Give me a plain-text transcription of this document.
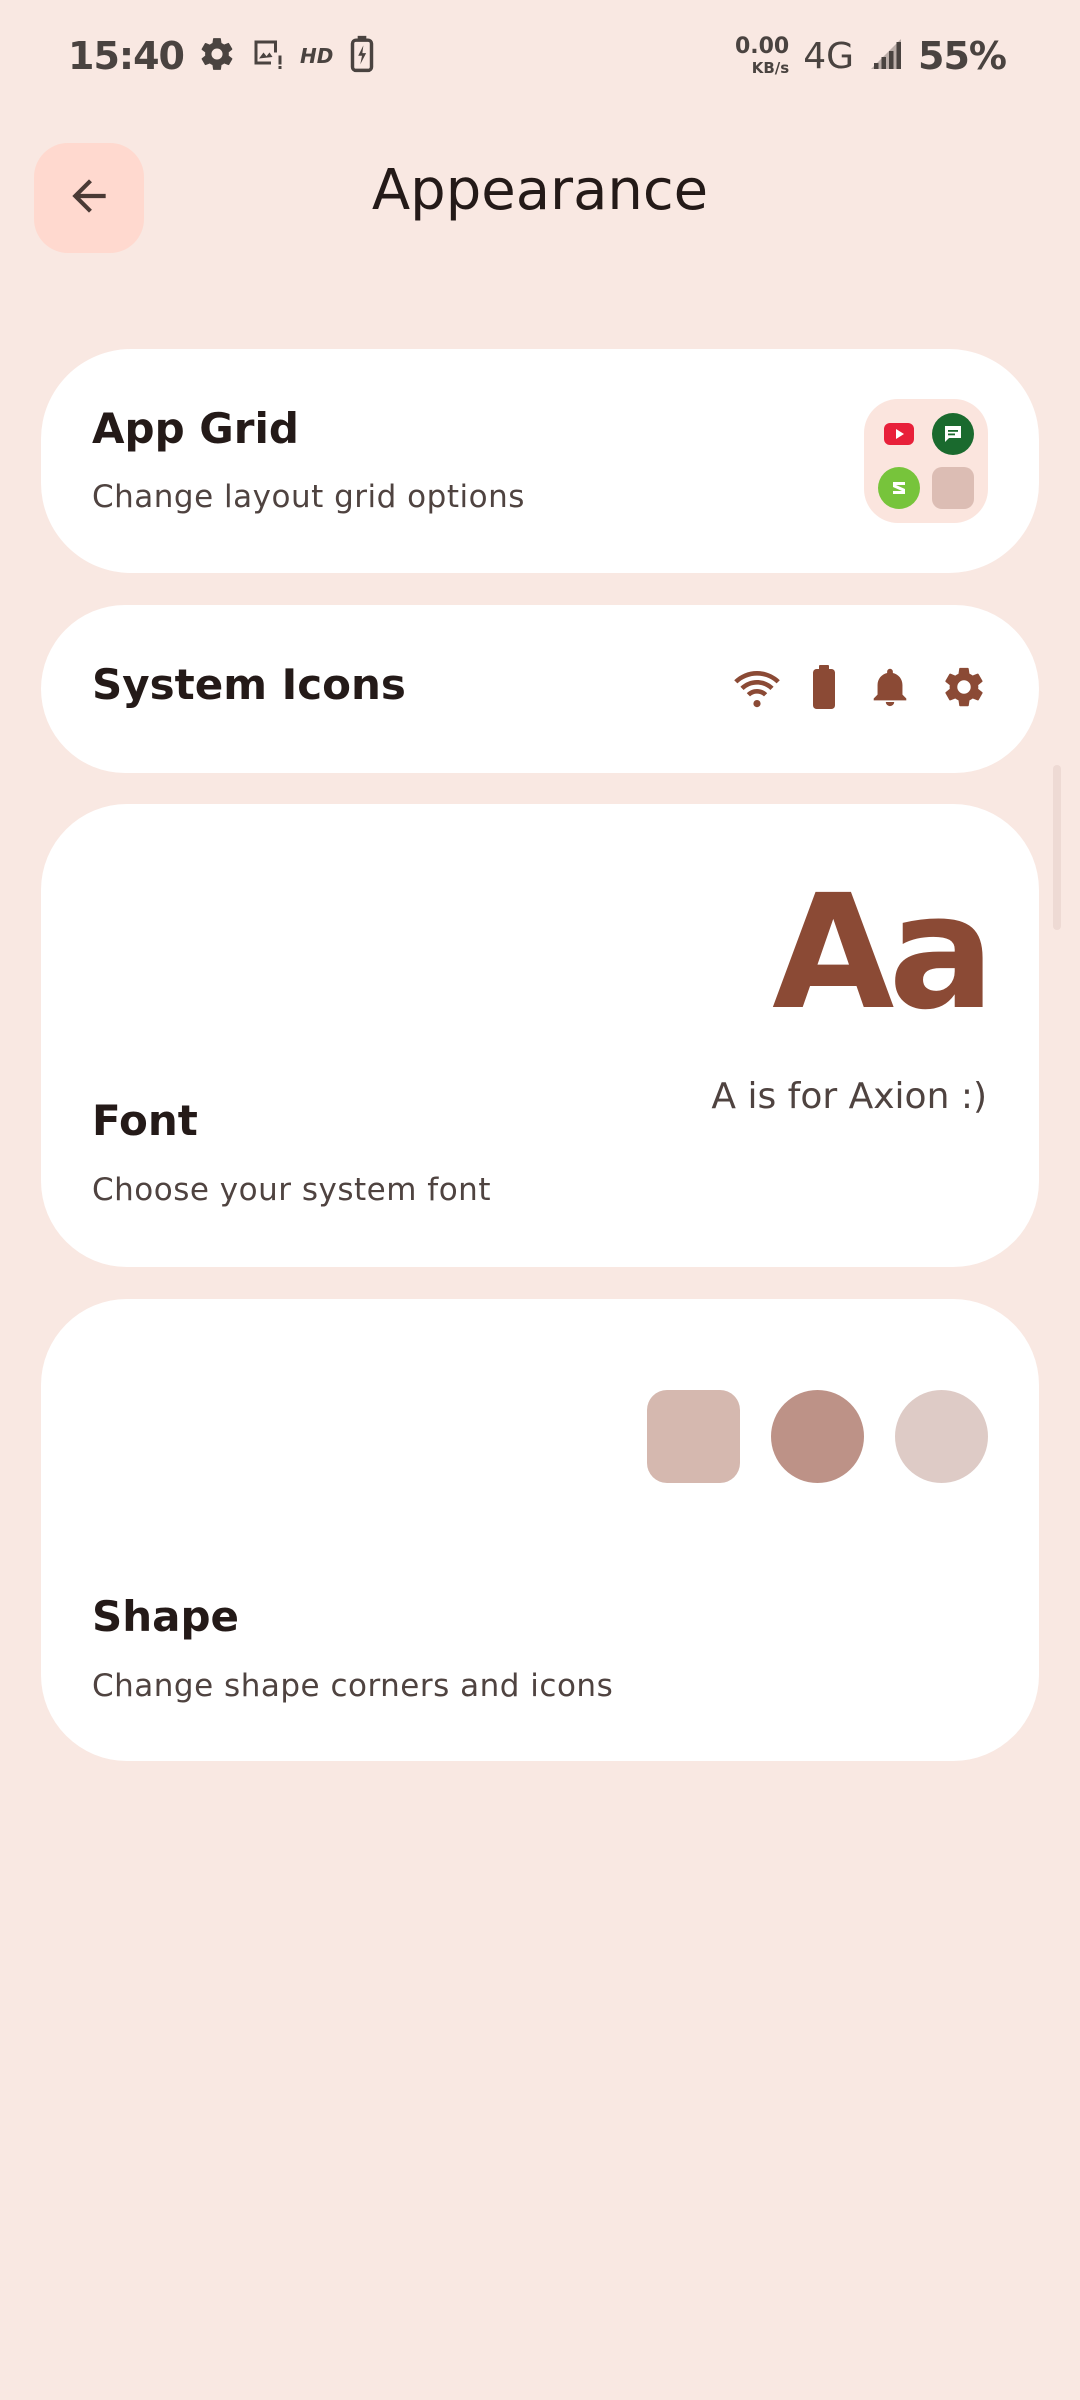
15:40	HD	0.00
KB/s 4G 55%
Appearance
App Grid
Change layout grid options
System Icons
Aa
A is for Axion :)
Font
Choose your system font
Shape
Change shape corners and icons
